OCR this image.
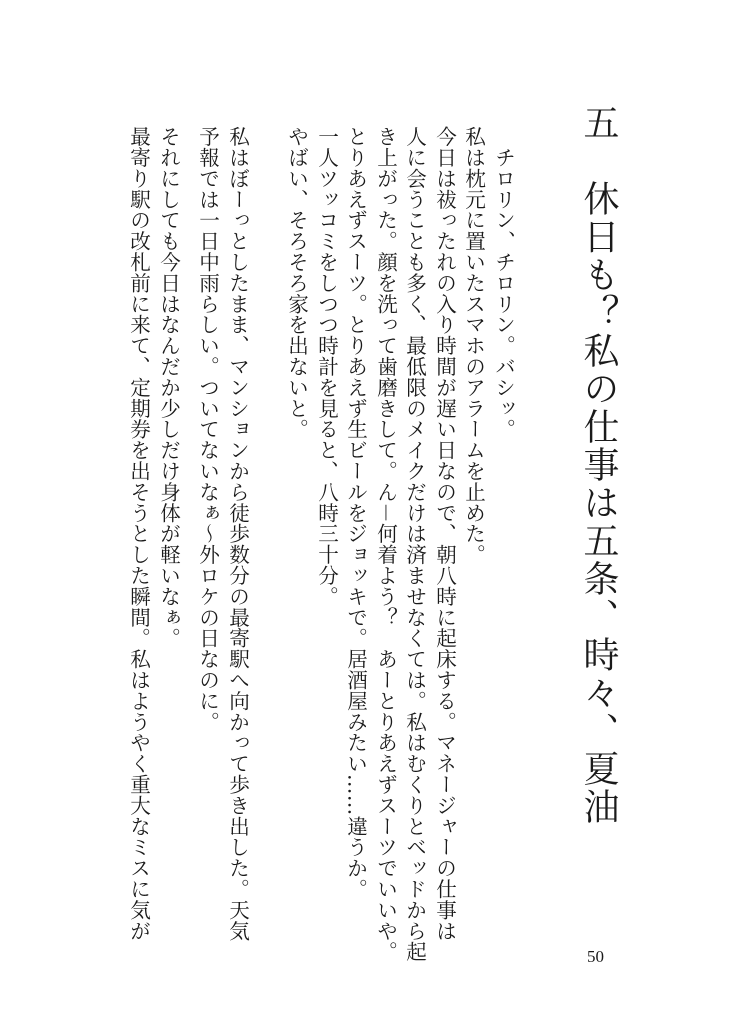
五　休日も？私の仕事は五条、時々、夏油
　チロリン、チロリン。バシッ。
私は枕元に置いたスマホのアラームを止めた。
今日は祓ったれの入り時間が遅い日なので、朝八時に起床する。マネージャーの仕事は
人に会うことも多く、最低限のメイクだけは済ませなくては。私はむくりとベッドから起
き上がった。顔を洗って歯磨きして。ん－何着よう？　あーとりあえずスーツでいいや。
とりあえずスーツ。とりあえず生ビールをジョッキで。居酒屋みたい……違うか。
一人ツッコミをしつつ時計を見ると、八時三十分。
やばい、そろそろ家を出ないと。
私はぼーっとしたまま、マンションから徒歩数分の最寄駅へ向かって歩き出した。天気
予報では一日中雨らしい。ついてないなぁ～外ロケの日なのに。
それにしても今日はなんだか少しだけ身体が軽いなぁ。
最寄り駅の改札前に来て、定期券を出そうとした瞬間。私はようやく重大なミスに気が
50
